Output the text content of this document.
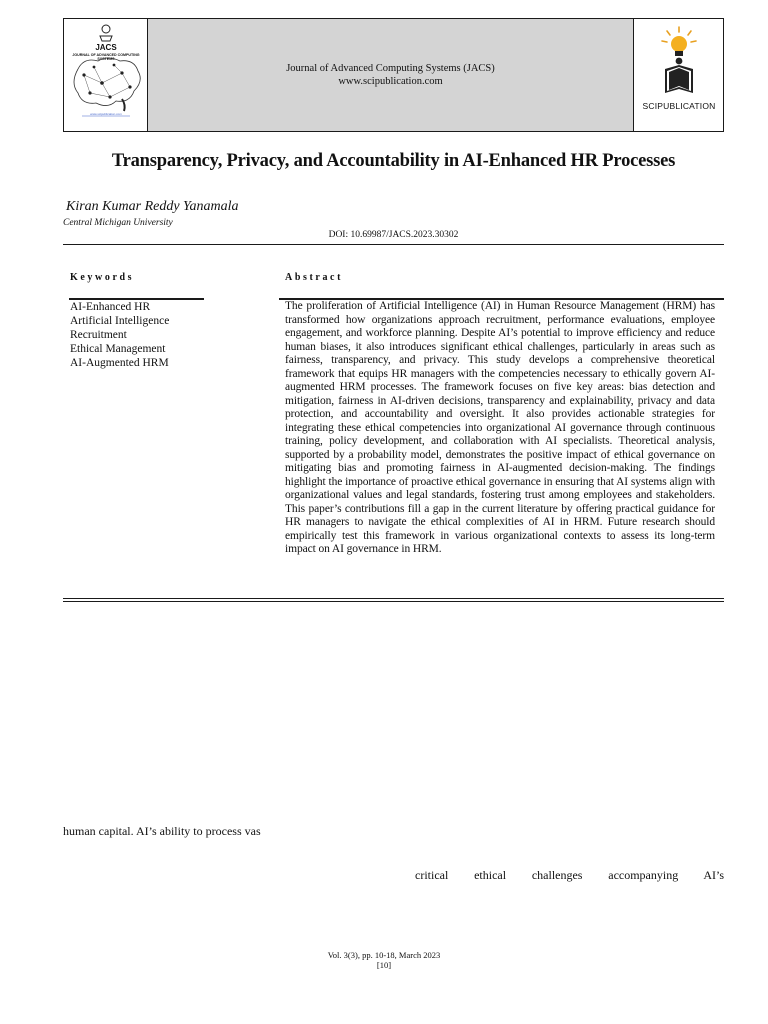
JACS
JOURNAL OF ADVANCED COMPUTING SYSTEMS
www.scipublication.com
Journal of Advanced Computing Systems (JACS)
www.scipublication.com
SCIPUBLICATION
Transparency, Privacy, and Accountability in AI-Enhanced HR Processes
Kiran Kumar Reddy Yanamala
Central Michigan University
DOI: 10.69987/JACS.2023.30302
Keywords	Abstract
AI-Enhanced HR
Artificial Intelligence
Recruitment
Ethical Management
AI-Augmented HRM

The proliferation of Artificial Intelligence (AI) in Human Resource Management (HRM) has transformed how organizations approach recruitment, performance evaluations, employee engagement, and workforce planning. Despite AI’s potential to improve efficiency and reduce human biases, it also introduces significant ethical challenges, particularly in areas such as fairness, transparency, and privacy. This study develops a comprehensive theoretical framework that equips HR managers with the competencies necessary to ethically govern AI-augmented HRM processes. The framework focuses on five key areas: bias detection and mitigation, fairness in AI-driven decisions, transparency and explainability, privacy and data protection, and accountability and oversight. It also provides actionable strategies for integrating these ethical competencies into organizational AI governance through continuous training, policy development, and collaboration with AI specialists. Theoretical analysis, supported by a probability model, demonstrates the positive impact of ethical governance on mitigating bias and promoting fairness in AI-augmented decision-making. The findings highlight the importance of proactive ethical governance in ensuring that AI systems align with organizational values and legal standards, fostering trust among employees and stakeholders. This paper’s contributions fill a gap in the current literature by offering practical guidance for HR managers to navigate the ethical complexities of AI in HRM. Future research should empirically test this framework in various organizational contexts to assess its long-term impact on AI governance in HRM.

human capital. AI’s ability to process vas
critical ethical challenges accompanying AI’s
Vol. 3(3), pp. 10-18, March 2023
[10]
